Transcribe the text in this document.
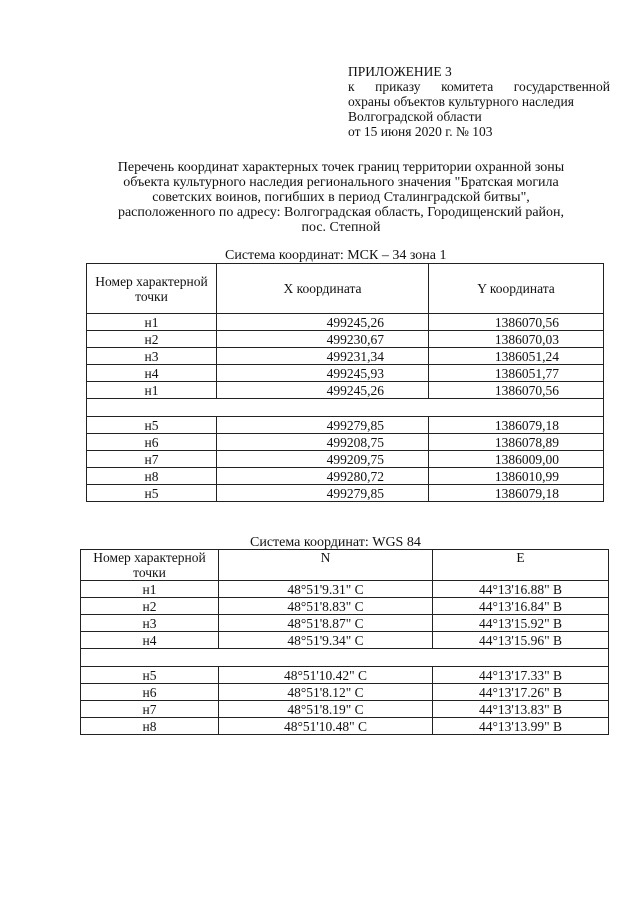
ПРИЛОЖЕНИЕ 3
к приказу комитета государственной
охраны объектов культурного наследия
Волгоградской области
от 15 июня 2020 г. № 103
Перечень координат характерных точек границ территории охранной зоны
объекта культурного наследия регионального значения "Братская могила
советских воинов, погибших в период Сталинградской битвы",
расположенного по адресу: Волгоградская область, Городищенский район,
пос. Степной
Система координат: МСК – 34 зона 1
Номер характерной точки	X координата	Y координата
н1	499245,26	1386070,56
н2	499230,67	1386070,03
н3	499231,34	1386051,24
н4	499245,93	1386051,77
н1	499245,26	1386070,56

н5	499279,85	1386079,18
н6	499208,75	1386078,89
н7	499209,75	1386009,00
н8	499280,72	1386010,99
н5	499279,85	1386079,18
Система координат: WGS 84
Номер характерной точки	N	E
н1	48°51'9.31" С	44°13'16.88" В
н2	48°51'8.83" С	44°13'16.84" В
н3	48°51'8.87" С	44°13'15.92" В
н4	48°51'9.34" С	44°13'15.96" В

н5	48°51'10.42" С	44°13'17.33" В
н6	48°51'8.12" С	44°13'17.26" В
н7	48°51'8.19" С	44°13'13.83" В
н8	48°51'10.48" С	44°13'13.99" В
